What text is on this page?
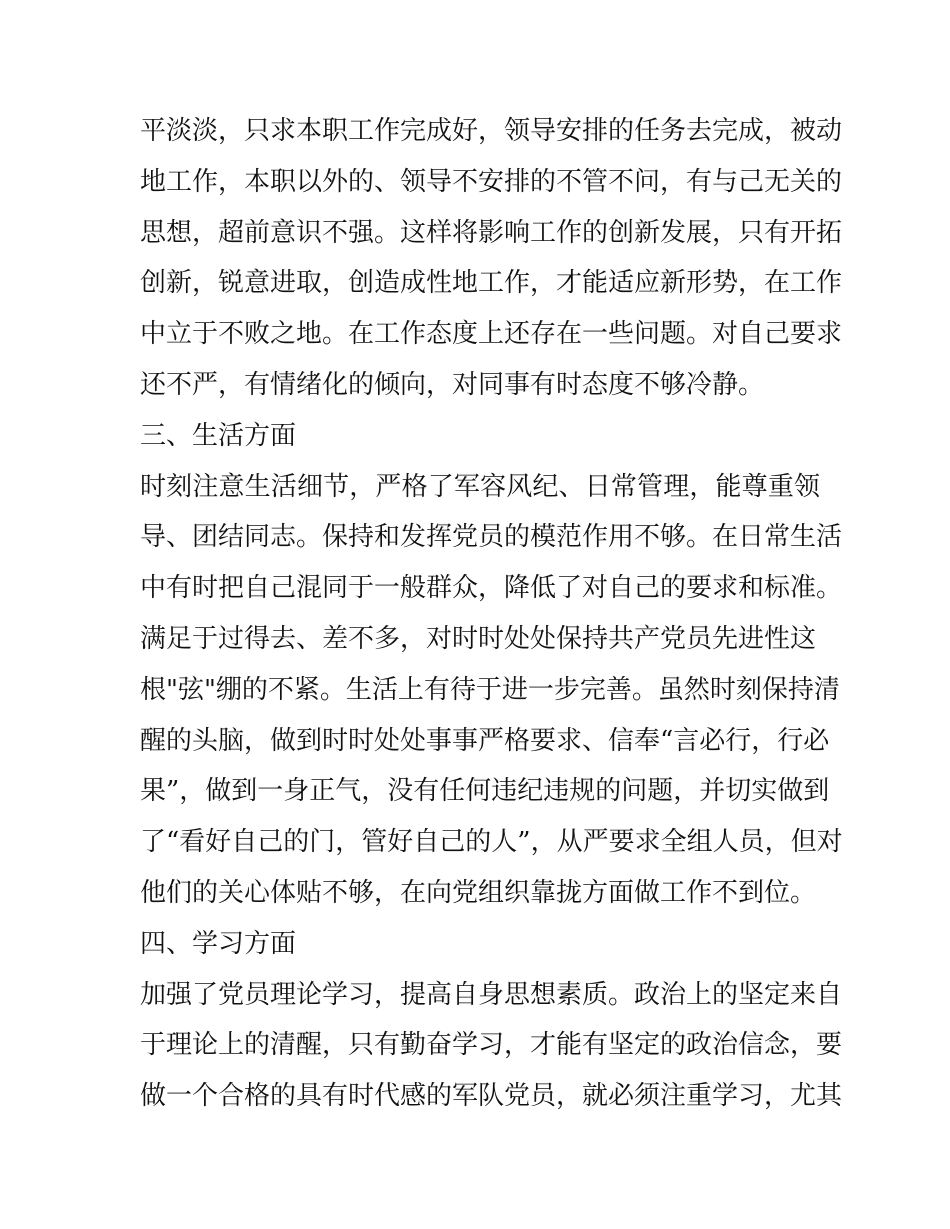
平淡淡，只求本职工作完成好，领导安排的任务去完成，被动
地工作，本职以外的、领导不安排的不管不问，有与己无关的
思想，超前意识不强。这样将影响工作的创新发展，只有开拓
创新，锐意进取，创造成性地工作，才能适应新形势，在工作
中立于不败之地。在工作态度上还存在一些问题。对自己要求
还不严，有情绪化的倾向，对同事有时态度不够冷静。
三、生活方面
时刻注意生活细节，严格了军容风纪、日常管理，能尊重领
导、团结同志。保持和发挥党员的模范作用不够。在日常生活
中有时把自己混同于一般群众，降低了对自己的要求和标准。
满足于过得去、差不多，对时时处处保持共产党员先进性这
根"弦"绷的不紧。生活上有待于进一步完善。虽然时刻保持清
醒的头脑，做到时时处处事事严格要求、信奉“言必行，行必
果”，做到一身正气，没有任何违纪违规的问题，并切实做到
了“看好自己的门，管好自己的人”，从严要求全组人员，但对
他们的关心体贴不够，在向党组织靠拢方面做工作不到位。
四、学习方面
加强了党员理论学习，提高自身思想素质。政治上的坚定来自
于理论上的清醒，只有勤奋学习，才能有坚定的政治信念，要
做一个合格的具有时代感的军队党员，就必须注重学习，尤其
